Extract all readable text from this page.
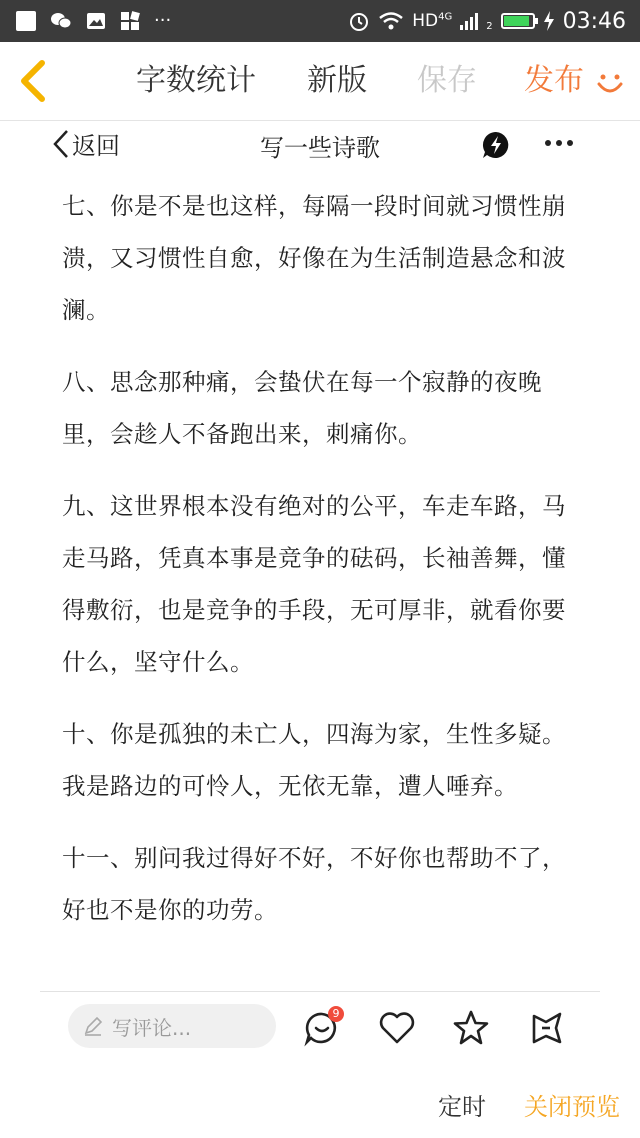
···	$HD^{4G}$
2	03:46
字数统计 新版 保存 发布
返回	写一些诗歌

七、你是不是也这样，每隔一段时间就习惯性崩溃，又习惯性自愈，好像在为生活制造悬念和波澜。

八、思念那种痛，会蛰伏在每一个寂静的夜晚里，会趁人不备跑出来，刺痛你。

九、这世界根本没有绝对的公平，车走车路，马走马路，凭真本事是竞争的砝码，长袖善舞，懂得敷衍，也是竞争的手段，无可厚非，就看你要什么，坚守什么。

十、你是孤独的未亡人，四海为家，生性多疑。我是路边的可怜人，无依无靠，遭人唾弃。

十一、别问我过得好不好，不好你也帮助不了，好也不是你的功劳。

写评论...
9
定时 关闭预览
